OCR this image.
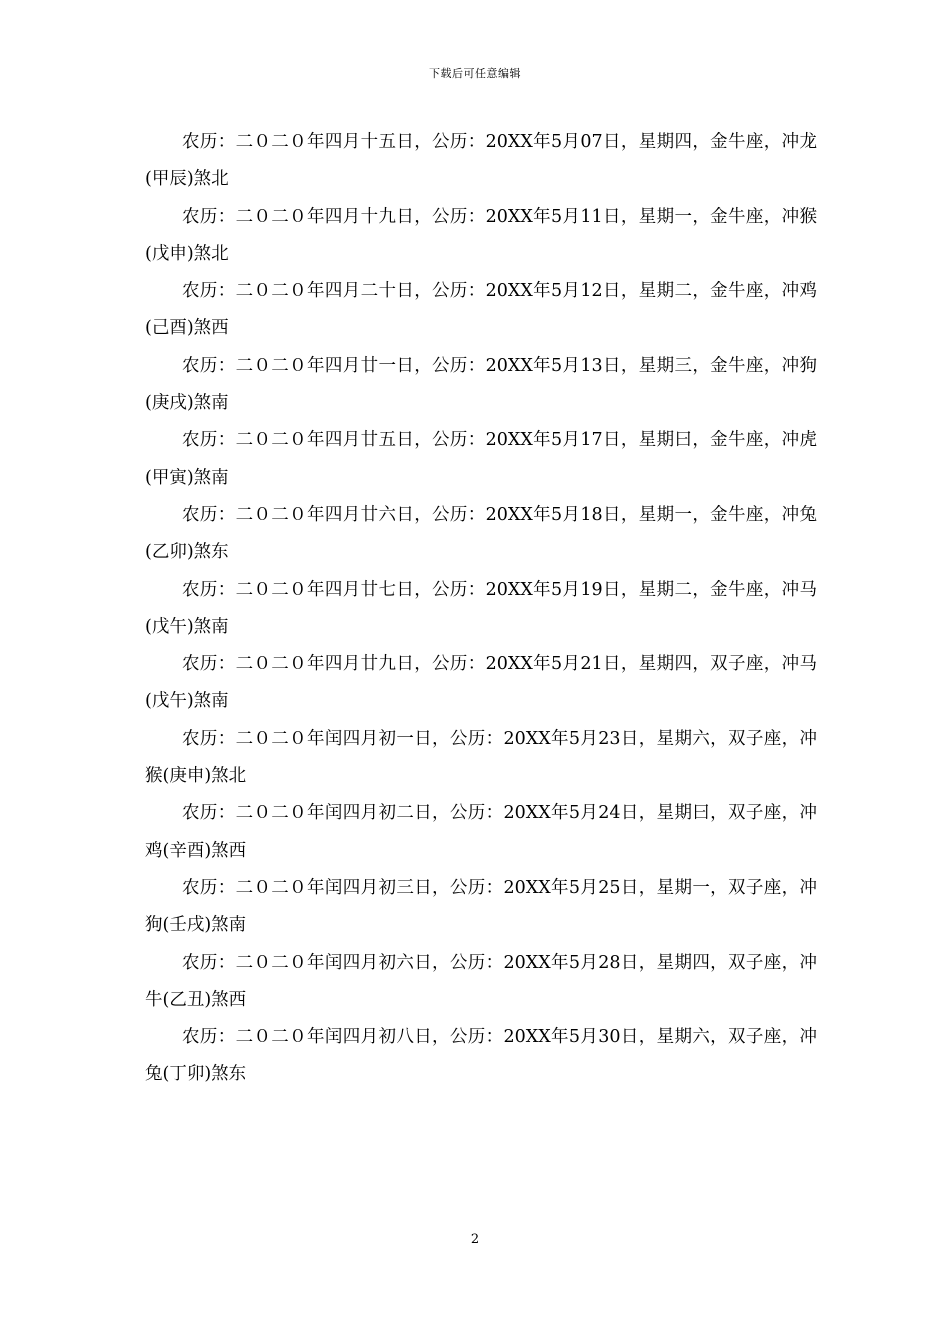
下载后可任意编辑

农历：二０二０年四月十五日，公历：20XX年5月07日，星期四，金牛座，冲龙(甲辰)煞北

农历：二０二０年四月十九日，公历：20XX年5月11日，星期一，金牛座，冲猴(戊申)煞北

农历：二０二０年四月二十日，公历：20XX年5月12日，星期二，金牛座，冲鸡(己酉)煞西

农历：二０二０年四月廿一日，公历：20XX年5月13日，星期三，金牛座，冲狗(庚戌)煞南

农历：二０二０年四月廿五日，公历：20XX年5月17日，星期曰，金牛座，冲虎(甲寅)煞南

农历：二０二０年四月廿六日，公历：20XX年5月18日，星期一，金牛座，冲兔(乙卯)煞东

农历：二０二０年四月廿七日，公历：20XX年5月19日，星期二，金牛座，冲马(戊午)煞南

农历：二０二０年四月廿九日，公历：20XX年5月21日，星期四，双子座，冲马(戊午)煞南

农历：二０二０年闰四月初一日，公历：20XX年5月23日，星期六，双子座，冲猴(庚申)煞北

农历：二０二０年闰四月初二日，公历：20XX年5月24日，星期曰，双子座，冲鸡(辛酉)煞西

农历：二０二０年闰四月初三日，公历：20XX年5月25日，星期一，双子座，冲狗(壬戌)煞南

农历：二０二０年闰四月初六日，公历：20XX年5月28日，星期四，双子座，冲牛(乙丑)煞西

农历：二０二０年闰四月初八日，公历：20XX年5月30日，星期六，双子座，冲兔(丁卯)煞东

2
